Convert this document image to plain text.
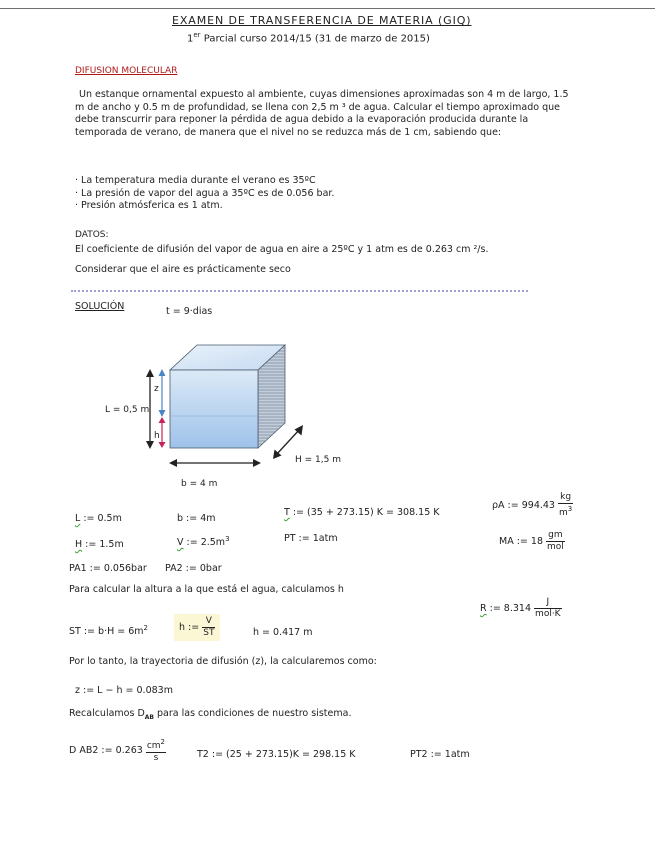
EXAMEN DE TRANSFERENCIA DE MATERIA (GIQ)
1er Parcial curso 2014/15 (31 de marzo de 2015)
DIFUSION MOLECULAR
Un estanque ornamental expuesto al ambiente, cuyas dimensiones aproximadas son 4 m de largo, 1.5 m de ancho y 0.5 m de profundidad, se llena con 2,5 m ³ de agua. Calcular el tiempo aproximado que debe transcurrir para reponer la pérdida de agua debido a la evaporación producida durante la temporada de verano, de manera que el nivel no se reduzca más de 1 cm, sabiendo que:
· La temperatura media durante el verano es 35ºC
· La presión de vapor del agua a 35ºC es de 0.056 bar.
· Presión atmósferica es 1 atm.
DATOS:
El coeficiente de difusión del vapor de agua en aire a 25ºC y 1 atm es de 0.263 cm ²/s.
Considerar que el aire es prácticamente seco
SOLUCIÓN	t = 9·dias
L = 0,5 m
z
h
H = 1,5 m
b = 4 m
L := 0.5m	b := 4m
T := (35 + 273.15) K = 308.15 K
ρA := $994.43 \frac{kg}{m^3}$
H := 1.5m	V := $2.5m^3$	PT := 1atm	MA := $18 \frac{gm}{\text{mol}}$
PA1 := 0.056bar PA2 := 0bar
Para calcular la altura a la que está el agua, calculamos h
R := $8.314 \frac{J}{\text{mol·K}}$
ST := $b\cdot H = 6m^2$	h := $\frac{V}{ST}$	h = 0.417 m
Por lo tanto, la trayectoria de difusión (z), la calcularemos como:
z := L − h = 0.083m
Recalculamos $D_{AB}$ para las condiciones de nuestro sistema.
D AB2 := $0.263 \frac{cm^2}{s}$	T2 := (25 + 273.15)K = 298.15 K	PT2 := 1atm
